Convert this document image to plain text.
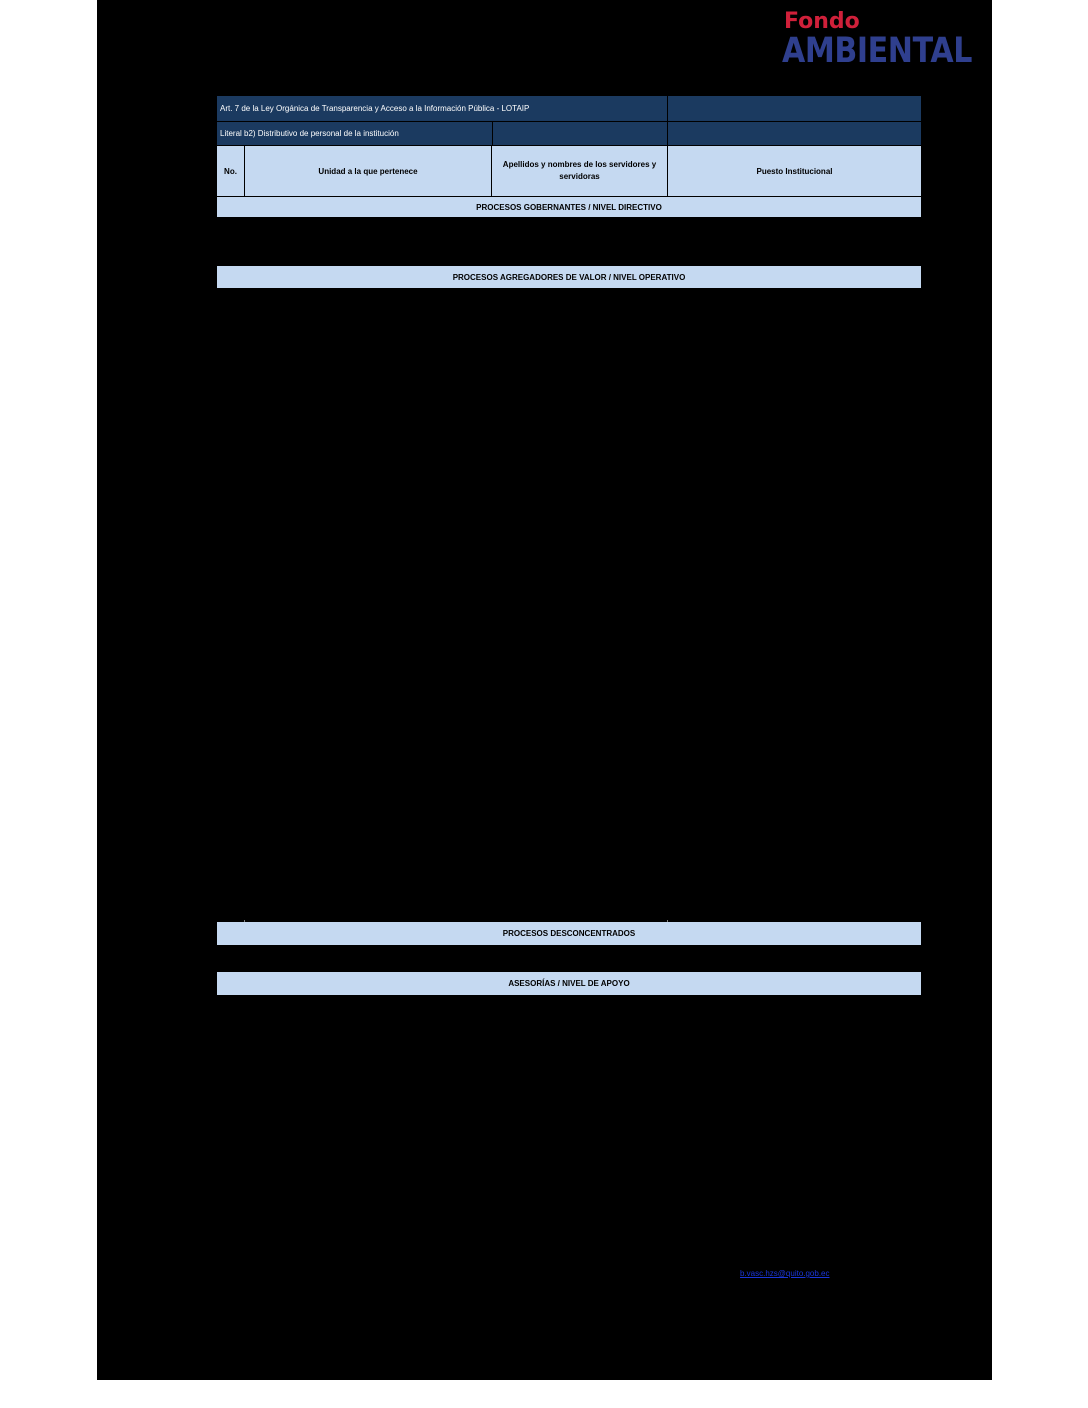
Fondo
AMBIENTAL
Art. 7 de la Ley Orgánica de Transparencia y Acceso a la Información Pública - LOTAIP
Literal b2) Distributivo de personal de la institución
No.	Unidad a la que pertenece
Apellidos y nombres de los servidores y servidoras
Puesto Institucional
PROCESOS GOBERNANTES / NIVEL DIRECTIVO
PROCESOS AGREGADORES DE VALOR / NIVEL OPERATIVO
PROCESOS DESCONCENTRADOS
ASESORÍAS / NIVEL DE APOYO
b.vasc.hzs@quito.gob.ec
